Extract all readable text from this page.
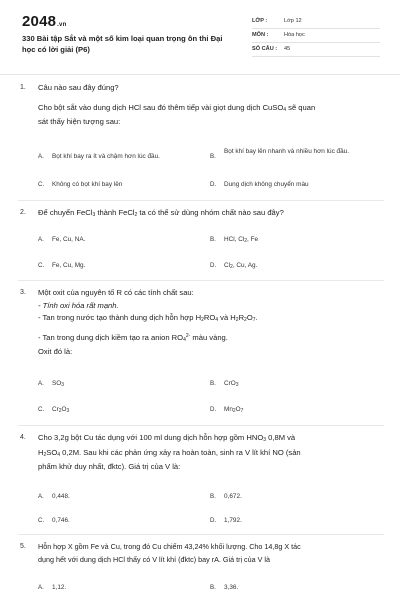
2048.vn
330 Bài tập Sắt và một số kim loại quan trọng ôn thi Đại học có lời giải (P6)
LỚP :	Lớp 12
MÔN :	Hóa học
SỐ CÂU : 45
1. Câu nào sau đây đúng?
Cho bột sắt vào dung dịch HCl sau đó thêm tiếp vài giọt dung dịch CuSO$_4$ sẽ quan
sát thấy hiện tượng sau:
A. Bọt khí bay ra ít và chậm hơn lúc đầu.	B.
Bọt khí bay lên nhanh và nhiều hơn lúc đầu.
C. Không có bọt khí bay lên	D. Dung dịch không chuyển màu
2. Để chuyển FeCl$_3$ thành FeCl$_2$ ta có thể sử dùng nhóm chất nào sau đây?
A. Fe, Cu, NA.	B. HCl, $Cl_2$, Fe
C. Fe, Cu, Mg.	D. $Cl_2$, Cu, Ag.
3. Một oxit của nguyên tố R có các tính chất sau:
- Tính oxi hóa rất mạnh.
- Tan trong nước tạo thành dung dịch hỗn hợp $H_2RO_4$ và $H_2R_2O_7$.
- Tan trong dung dịch kiềm tạo ra anion $RO_4^{2-}$ màu vàng.
Oxit đó là:
A. $SO_3$	B. CrO$_3$
C. $Cr_2O_3$	D. $Mn_2O_7$
4. Cho 3,2g bột Cu tác dụng với 100 ml dung dịch hỗn hợp gồm $HNO_3$ 0,8M và
$H_2SO_4$ 0,2M. Sau khi các phản ứng xảy ra hoàn toàn, sinh ra V lít khí NO (sản
phẩm khử duy nhất, đktc). Giá trị của V là:
A. 0,448.	B. 0,672.
C. 0,746.	D. 1,792.
5. Hỗn hợp X gồm Fe và Cu, trong đó Cu chiếm 43,24% khối lượng. Cho 14,8g X tác
dụng hết với dung dịch HCl thấy có V lít khí (đktc) bay rA. Giá trị của V là
A. 1,12.	B. 3,36.
